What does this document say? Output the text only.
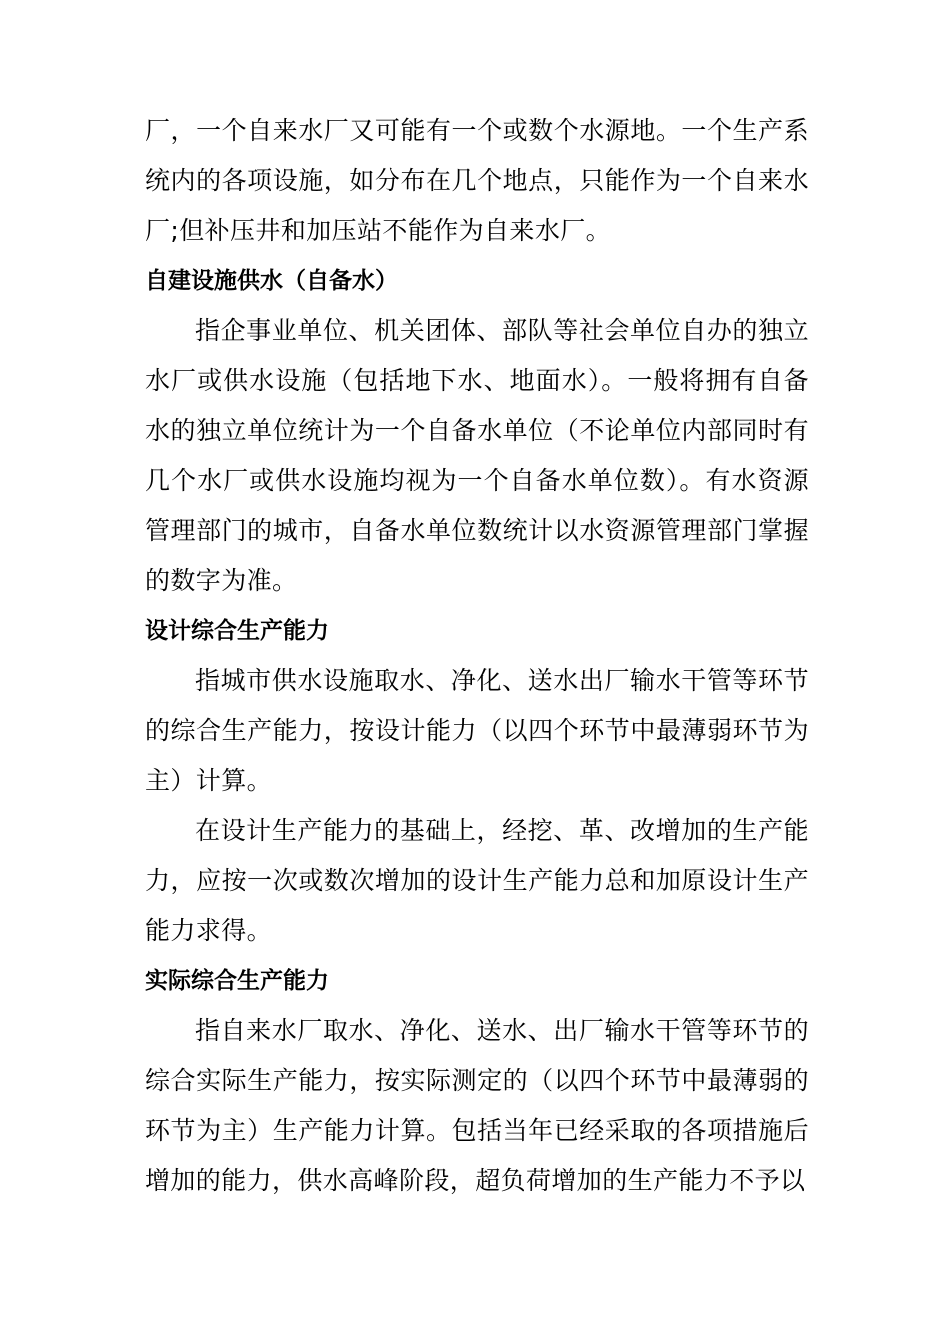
厂，一个自来水厂又可能有一个或数个水源地。一个生产系统内的各项设施，如分布在几个地点，只能作为一个自来水厂;但补压井和加压站不能作为自来水厂。

自建设施供水（自备水）

指企事业单位、机关团体、部队等社会单位自办的独立水厂或供水设施（包括地下水、地面水）。一般将拥有自备水的独立单位统计为一个自备水单位（不论单位内部同时有几个水厂或供水设施均视为一个自备水单位数）。有水资源管理部门的城市，自备水单位数统计以水资源管理部门掌握的数字为准。

设计综合生产能力

指城市供水设施取水、净化、送水出厂输水干管等环节的综合生产能力，按设计能力（以四个环节中最薄弱环节为主）计算。

在设计生产能力的基础上，经挖、革、改增加的生产能力，应按一次或数次增加的设计生产能力总和加原设计生产能力求得。

实际综合生产能力

指自来水厂取水、净化、送水、出厂输水干管等环节的综合实际生产能力，按实际测定的（以四个环节中最薄弱的环节为主）生产能力计算。包括当年已经采取的各项措施后增加的能力，供水高峰阶段，超负荷增加的生产能力不予以
